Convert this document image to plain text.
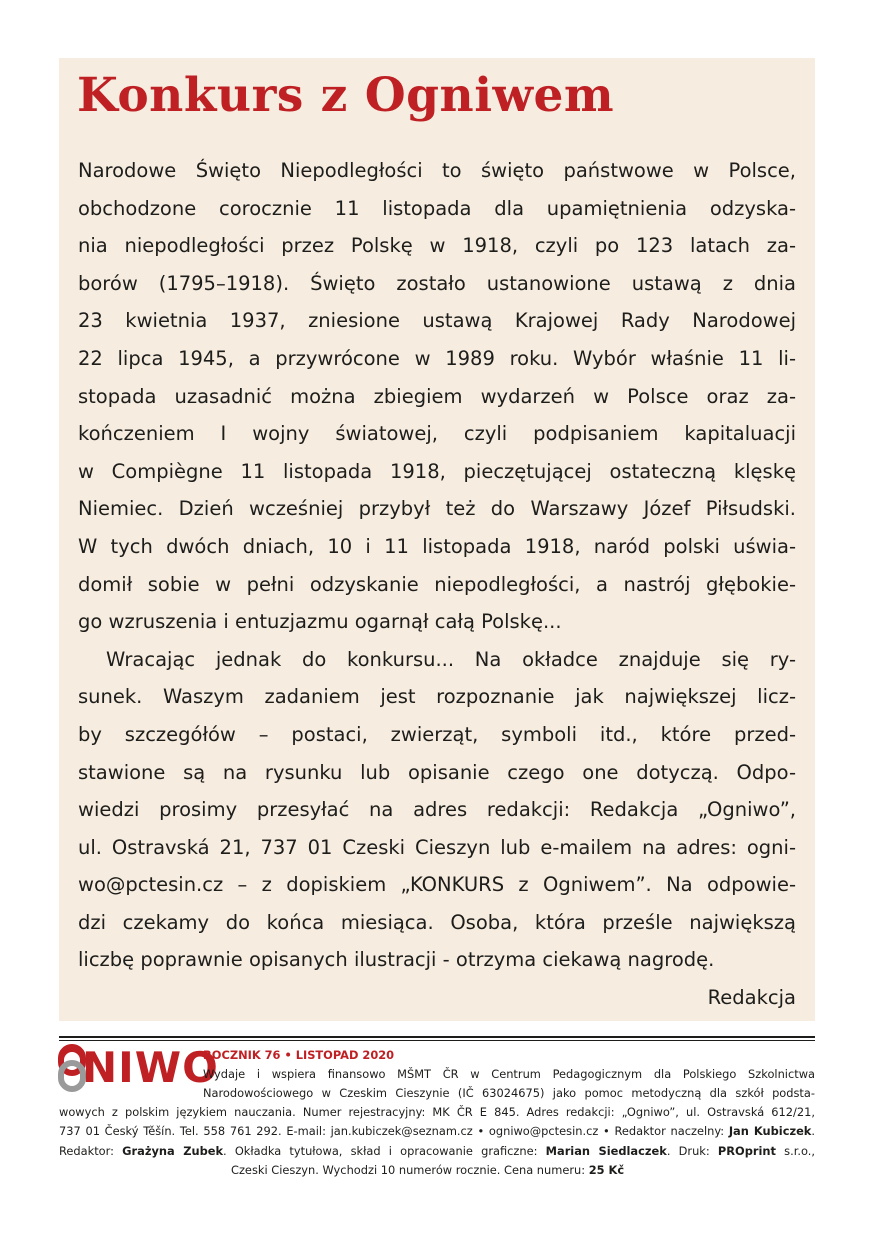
Konkurs z Ogniwem
Narodowe Święto Niepodległości to święto państwowe w Polsce,
obchodzone corocznie 11 listopada dla upamiętnienia odzyska-
nia niepodległości przez Polskę w 1918, czyli po 123 latach za-
borów (1795–1918). Święto zostało ustanowione ustawą z dnia
23 kwietnia 1937, zniesione ustawą Krajowej Rady Narodowej
22 lipca 1945, a przywrócone w 1989 roku. Wybór właśnie 11 li-
stopada uzasadnić można zbiegiem wydarzeń w Polsce oraz za-
kończeniem I wojny światowej, czyli podpisaniem kapitaluacji
w Compiègne 11 listopada 1918, pieczętującej ostateczną klęskę
Niemiec. Dzień wcześniej przybył też do Warszawy Józef Piłsudski.
W tych dwóch dniach, 10 i 11 listopada 1918, naród polski uświa-
domił sobie w pełni odzyskanie niepodległości, a nastrój głębokie-
go wzruszenia i entuzjazmu ogarnął całą Polskę...
Wracając jednak do konkursu... Na okładce znajduje się ry-
sunek. Waszym zadaniem jest rozpoznanie jak największej licz-
by szczegółów – postaci, zwierząt, symboli itd., które przed-
stawione są na rysunku lub opisanie czego one dotyczą. Odpo-
wiedzi prosimy przesyłać na adres redakcji: Redakcja „Ogniwo”,
ul. Ostravská 21, 737 01 Czeski Cieszyn lub e-mailem na adres: ogni-
wo@pctesin.cz – z dopiskiem „KONKURS z Ogniwem”. Na odpowie-
dzi czekamy do końca miesiąca. Osoba, która prześle największą
liczbę poprawnie opisanych ilustracji - otrzyma ciekawą nagrodę.
Redakcja
NIWO
ROCZNIK 76 • LISTOPAD 2020
Wydaje i wspiera finansowo MŠMT ČR w Centrum Pedagogicznym dla Polskiego Szkolnictwa
Narodowościowego w Czeskim Cieszynie (IČ 63024675) jako pomoc metodyczną dla szkół podsta-
wowych z polskim językiem nauczania. Numer rejestracyjny: MK ČR E 845. Adres redakcji: „Ogniwo”, ul. Ostravská 612/21,
737 01 Český Těšín. Tel. 558 761 292. E-mail: jan.kubiczek@seznam.cz • ogniwo@pctesin.cz • Redaktor naczelny: Jan Kubiczek.
Redaktor: Grażyna Zubek. Okładka tytułowa, skład i opracowanie graficzne: Marian Siedlaczek. Druk: PROprint s.r.o.,
Czeski Cieszyn. Wychodzi 10 numerów rocznie. Cena numeru: 25 Kč
